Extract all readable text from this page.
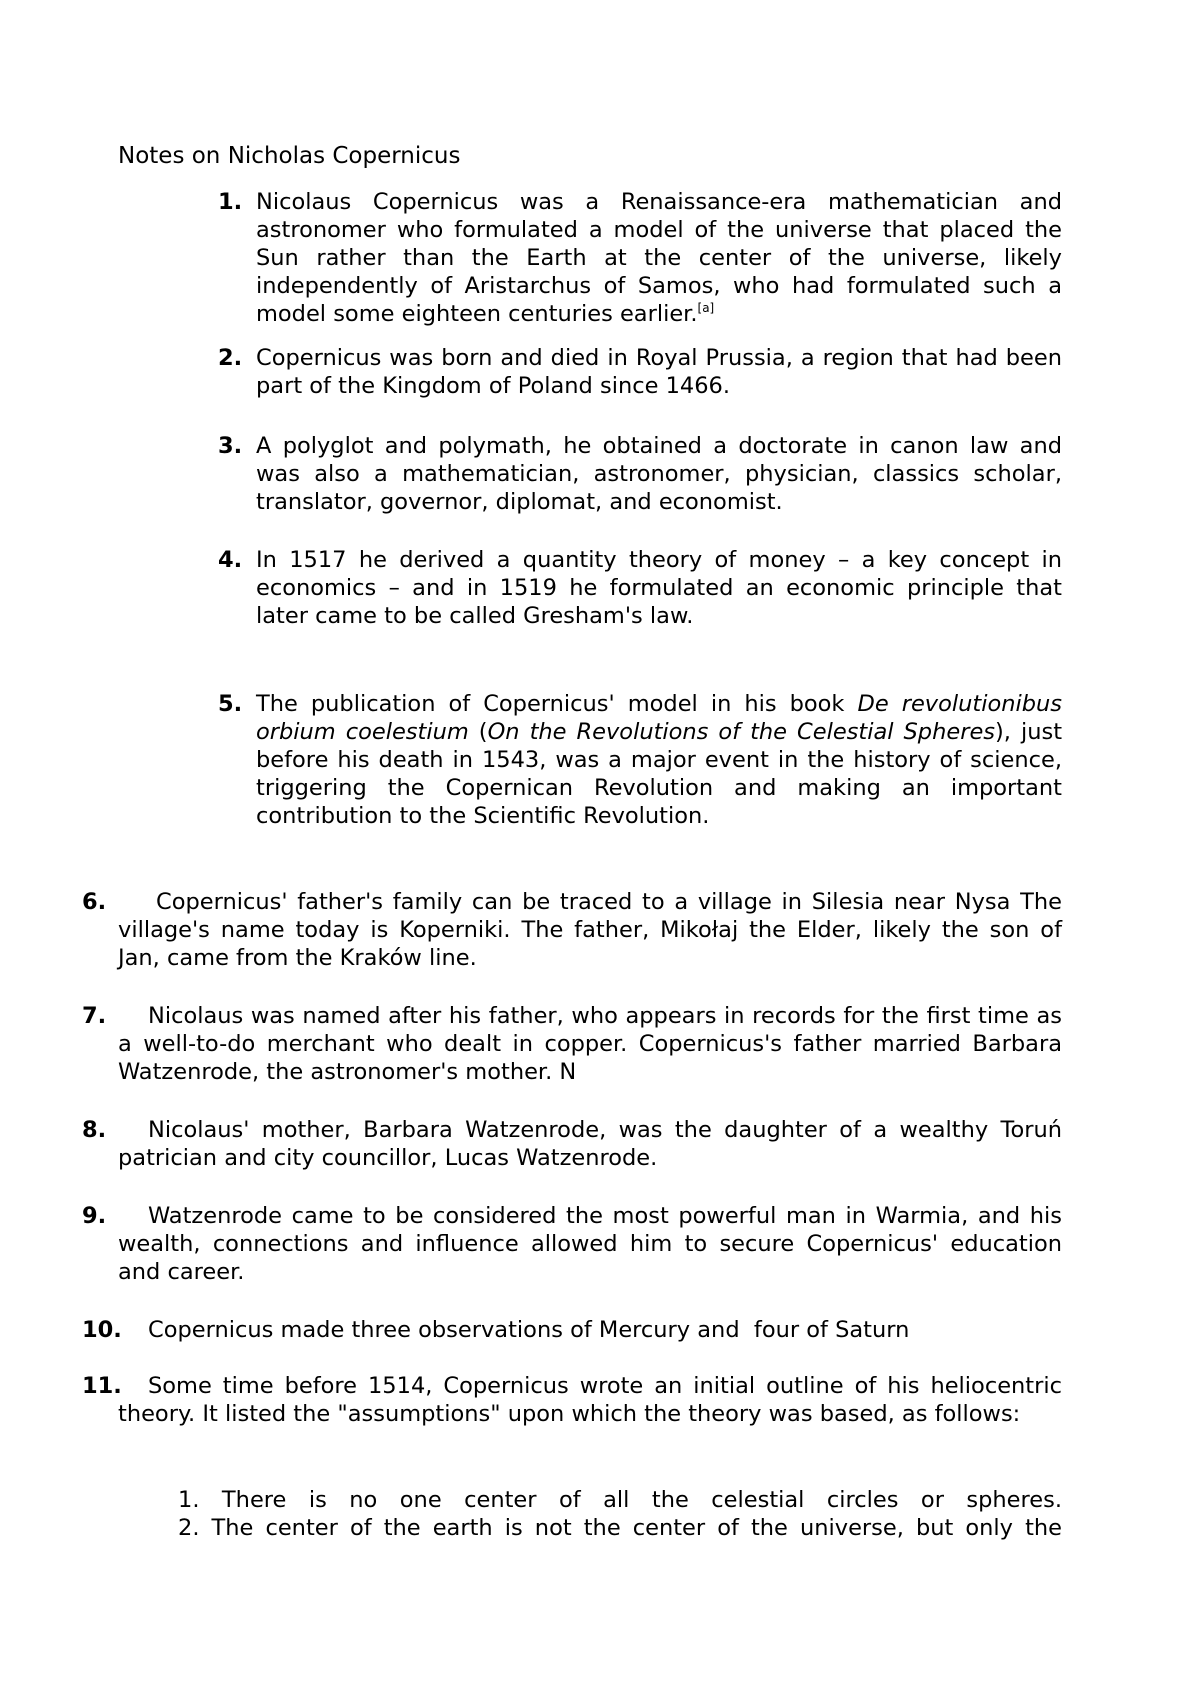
Notes on Nicholas Copernicus
1. Nicolaus Copernicus was a Renaissance-era mathematician and astronomer who formulated a model of the universe that placed the Sun rather than the Earth at the center of the universe, likely independently of Aristarchus of Samos, who had formulated such a model some eighteen centuries earlier.[a]
2. Copernicus was born and died in Royal Prussia, a region that had been part of the Kingdom of Poland since 1466.
3. A polyglot and polymath, he obtained a doctorate in canon law and was also a mathematician, astronomer, physician, classics scholar, translator, governor, diplomat, and economist.
4. In 1517 he derived a quantity theory of money – a key concept in economics – and in 1519 he formulated an economic principle that later came to be called Gresham's law.
5. The publication of Copernicus' model in his book De revolutionibus orbium coelestium (On the Revolutions of the Celestial Spheres), just before his death in 1543, was a major event in the history of science, triggering the Copernican Revolution and making an important contribution to the Scientific Revolution.
6.	Copernicus' father's family can be traced to a village in Silesia near Nysa The village's name today is Koperniki. The father, Mikołaj the Elder, likely the son of Jan, came from the Kraków line.
7.	Nicolaus was named after his father, who appears in records for the first time as a well-to-do merchant who dealt in copper. Copernicus's father married Barbara Watzenrode, the astronomer's mother. N
8.	Nicolaus' mother, Barbara Watzenrode, was the daughter of a wealthy Toruń patrician and city councillor, Lucas Watzenrode.
9.	Watzenrode came to be considered the most powerful man in Warmia, and his wealth, connections and influence allowed him to secure Copernicus' education and career.
10.	Copernicus made three observations of Mercury and  four of Saturn
11.	Some time before 1514, Copernicus wrote an initial outline of his heliocentric theory. It listed the "assumptions" upon which the theory was based, as follows:
1. There is no one center of all the celestial circles or spheres.
2. The center of the earth is not the center of the universe, but only the
